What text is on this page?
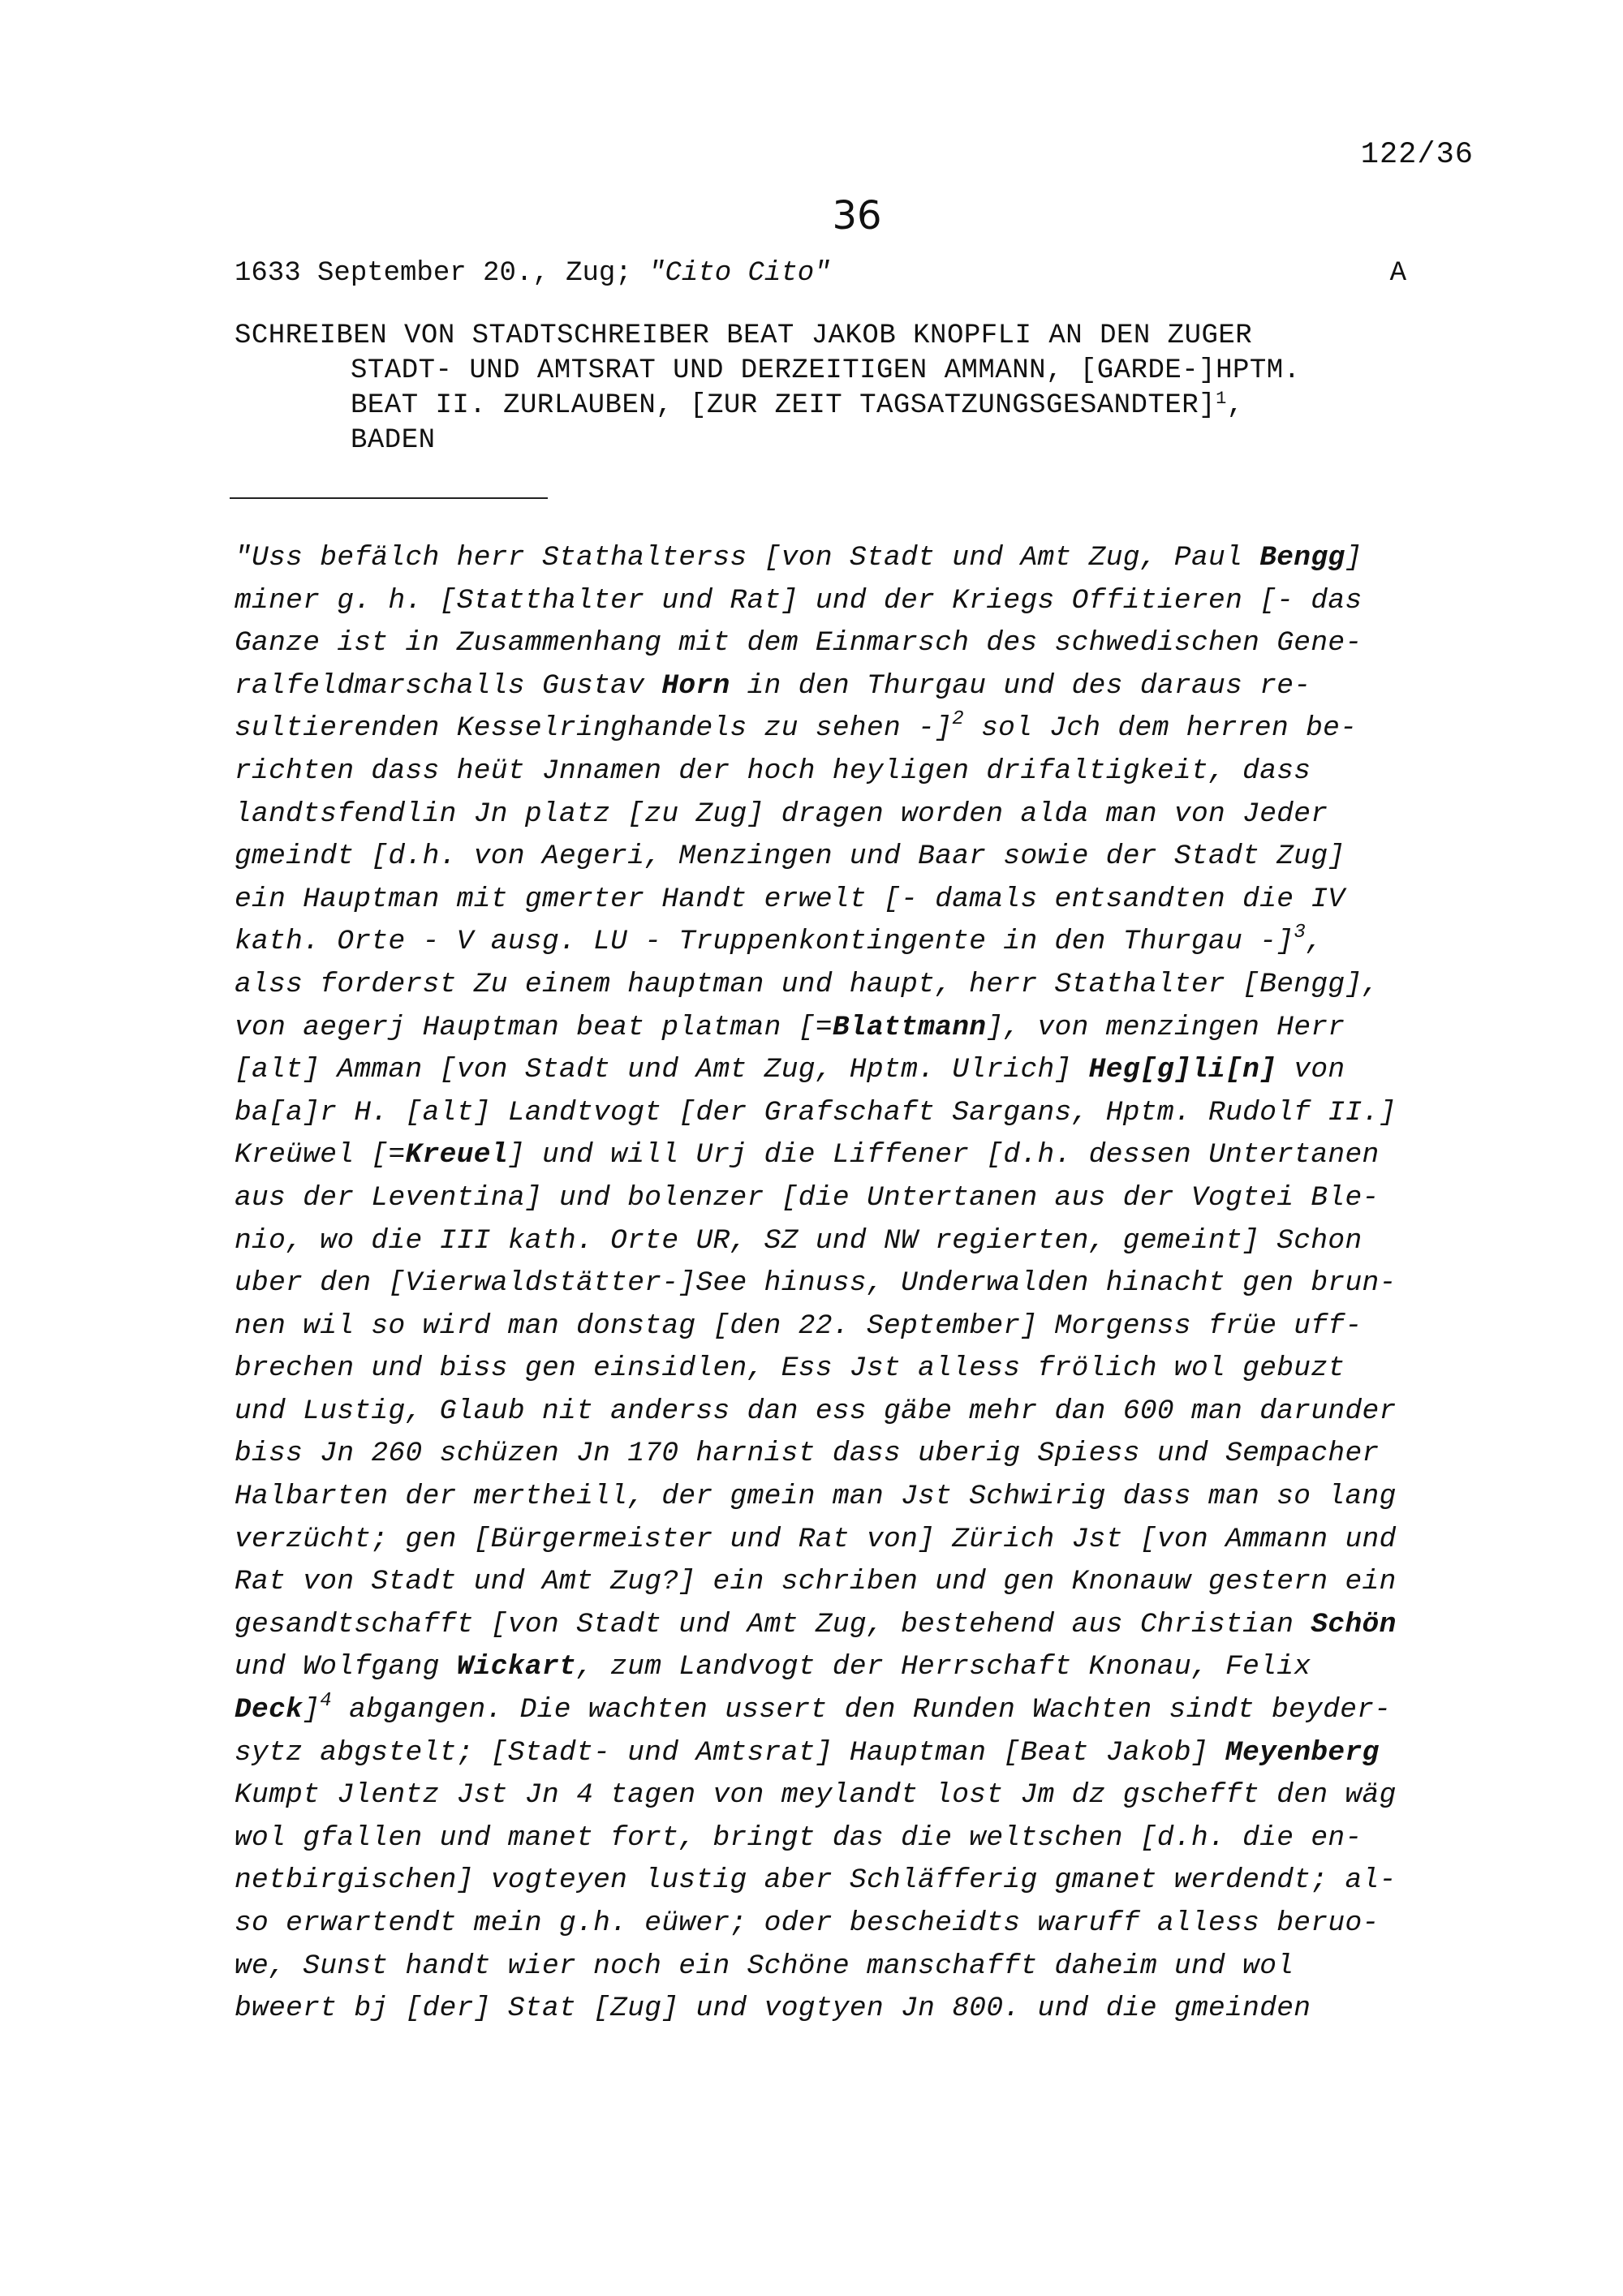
122/36
36
1633 September 20., Zug; "Cito Cito"	A
SCHREIBEN VON STADTSCHREIBER BEAT JAKOB KNOPFLI AN DEN ZUGER
STADT- UND AMTSRAT UND DERZEITIGEN AMMANN, [GARDE-]HPTM.
BEAT II. ZURLAUBEN, [ZUR ZEIT TAGSATZUNGSGESANDTER]$^1$,
BADEN
"Uss befälch herr Stathalterss [von Stadt und Amt Zug, Paul Bengg]
miner g. h. [Statthalter und Rat] und der Kriegs Offitieren [- das
Ganze ist in Zusammenhang mit dem Einmarsch des schwedischen Gene-
ralfeldmarschalls Gustav Horn in den Thurgau und des daraus re-
sultierenden Kesselringhandels zu sehen -]$^2$ sol Jch dem herren be-
richten dass heüt Jnnamen der hoch heyligen drifaltigkeit, dass
landtsfendlin Jn platz [zu Zug] dragen worden alda man von Jeder
gmeindt [d.h. von Aegeri, Menzingen und Baar sowie der Stadt Zug]
ein Hauptman mit gmerter Handt erwelt [- damals entsandten die IV
kath. Orte - V ausg. LU - Truppenkontingente in den Thurgau -]$^3$,
alss forderst Zu einem hauptman und haupt, herr Stathalter [Bengg],
von aegerj Hauptman beat platman [=Blattmann], von menzingen Herr
[alt] Amman [von Stadt und Amt Zug, Hptm. Ulrich] Heg[g]li[n] von
ba[a]r H. [alt] Landtvogt [der Grafschaft Sargans, Hptm. Rudolf II.]
Kreüwel [=Kreuel] und will Urj die Liffener [d.h. dessen Untertanen
aus der Leventina] und bolenzer [die Untertanen aus der Vogtei Ble-
nio, wo die III kath. Orte UR, SZ und NW regierten, gemeint] Schon
uber den [Vierwaldstätter-]See hinuss, Underwalden hinacht gen brun-
nen wil so wird man donstag [den 22. September] Morgenss früe uff-
brechen und biss gen einsidlen, Ess Jst alless frölich wol gebuzt
und Lustig, Glaub nit anderss dan ess gäbe mehr dan 600 man darunder
biss Jn 260 schüzen Jn 170 harnist dass uberig Spiess und Sempacher
Halbarten der mertheill, der gmein man Jst Schwirig dass man so lang
verzücht; gen [Bürgermeister und Rat von] Zürich Jst [von Ammann und
Rat von Stadt und Amt Zug?] ein schriben und gen Knonauw gestern ein
gesandtschafft [von Stadt und Amt Zug, bestehend aus Christian Schön
und Wolfgang Wickart, zum Landvogt der Herrschaft Knonau, Felix
Deck]$^4$ abgangen. Die wachten ussert den Runden Wachten sindt beyder-
sytz abgstelt; [Stadt- und Amtsrat] Hauptman [Beat Jakob] Meyenberg
Kumpt Jlentz Jst Jn 4 tagen von meylandt lost Jm dz gschefft den wäg
wol gfallen und manet fort, bringt das die weltschen [d.h. die en-
netbirgischen] vogteyen lustig aber Schläfferig gmanet werdendt; al-
so erwartendt mein g.h. eüwer; oder bescheidts waruff alless beruo-
we, Sunst handt wier noch ein Schöne manschafft daheim und wol
bweert bj [der] Stat [Zug] und vogtyen Jn 800. und die gmeinden
